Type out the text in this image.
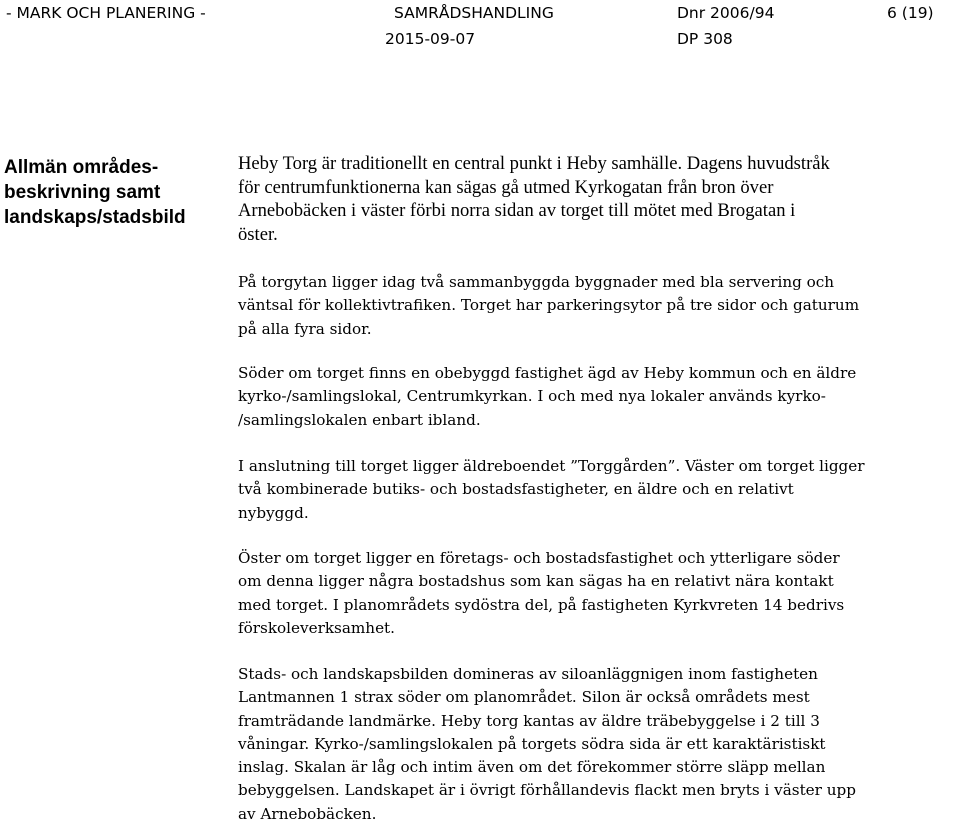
- MARK OCH PLANERING -	SAMRÅDSHANDLING
2015-09-07
Dnr 2006/94
DP 308
6 (19)
Allmän områdes-
beskrivning samt
landskaps/stadsbild
Heby Torg är traditionellt en central punkt i Heby samhälle. Dagens huvudstråk
för centrumfunktionerna kan sägas gå utmed Kyrkogatan från bron över
Arnebobäcken i väster förbi norra sidan av torget till mötet med Brogatan i
öster.
På torgytan ligger idag två sammanbyggda byggnader med bla servering och
väntsal för kollektivtrafiken. Torget har parkeringsytor på tre sidor och gaturum
på alla fyra sidor.
Söder om torget finns en obebyggd fastighet ägd av Heby kommun och en äldre
kyrko-/samlingslokal, Centrumkyrkan. I och med nya lokaler används kyrko-
/samlingslokalen enbart ibland.
I anslutning till torget ligger äldreboendet ”Torggården”. Väster om torget ligger
två kombinerade butiks- och bostadsfastigheter, en äldre och en relativt
nybyggd.
Öster om torget ligger en företags- och bostadsfastighet och ytterligare söder
om denna ligger några bostadshus som kan sägas ha en relativt nära kontakt
med torget. I planområdets sydöstra del, på fastigheten Kyrkvreten 14 bedrivs
förskoleverksamhet.
Stads- och landskapsbilden domineras av siloanläggnigen inom fastigheten
Lantmannen 1 strax söder om planområdet. Silon är också områdets mest
framträdande landmärke. Heby torg kantas av äldre träbebyggelse i 2 till 3
våningar. Kyrko-/samlingslokalen på torgets södra sida är ett karaktäristiskt
inslag. Skalan är låg och intim även om det förekommer större släpp mellan
bebyggelsen. Landskapet är i övrigt förhållandevis flackt men bryts i väster upp
av Arnebobäcken.
